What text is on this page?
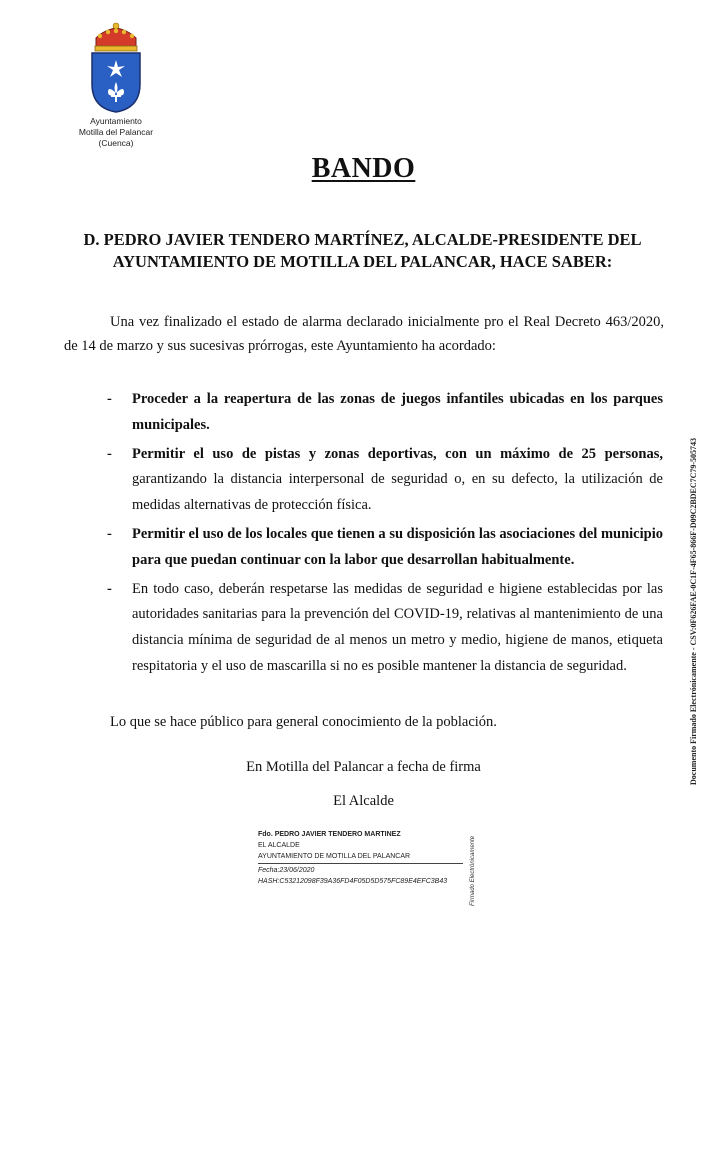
Ayuntamiento
Motilla del Palancar
(Cuenca)
BANDO
D. PEDRO JAVIER TENDERO MARTÍNEZ, ALCALDE-PRESIDENTE DEL
AYUNTAMIENTO DE MOTILLA DEL PALANCAR, HACE SABER:
Una vez finalizado el estado de alarma declarado inicialmente pro el Real Decreto 463/2020, de 14 de marzo y sus sucesivas prórrogas, este Ayuntamiento ha acordado:
- Proceder a la reapertura de las zonas de juegos infantiles ubicadas en los parques municipales.
- Permitir el uso de pistas y zonas deportivas, con un máximo de 25 personas, garantizando la distancia interpersonal de seguridad o, en su defecto, la utilización de medidas alternativas de protección física.
- Permitir el uso de los locales que tienen a su disposición las asociaciones del municipio para que puedan continuar con la labor que desarrollan habitualmente.
- En todo caso, deberán respetarse las medidas de seguridad e higiene establecidas por las autoridades sanitarias para la prevención del COVID-19, relativas al mantenimiento de una distancia mínima de seguridad de al menos un metro y medio, higiene de manos, etiqueta respitatoria y el uso de mascarilla si no es posible mantener la distancia de seguridad.
Lo que se hace público para general conocimiento de la población.
En Motilla del Palancar a fecha de firma
El Alcalde
Fdo. PEDRO JAVIER TENDERO MARTINEZ
EL ALCALDE
AYUNTAMIENTO DE MOTILLA DEL PALANCAR
Fecha:23/06/2020
HASH:C53212098F39A36FD4F05D5D575FC89E4EFC3B43	Firmado Electrónicamente
Documento Firmado Electrónicamente - CSV:0F626FAE-0C1F-4F65-866F-D09C2BDEC7C79-505743
